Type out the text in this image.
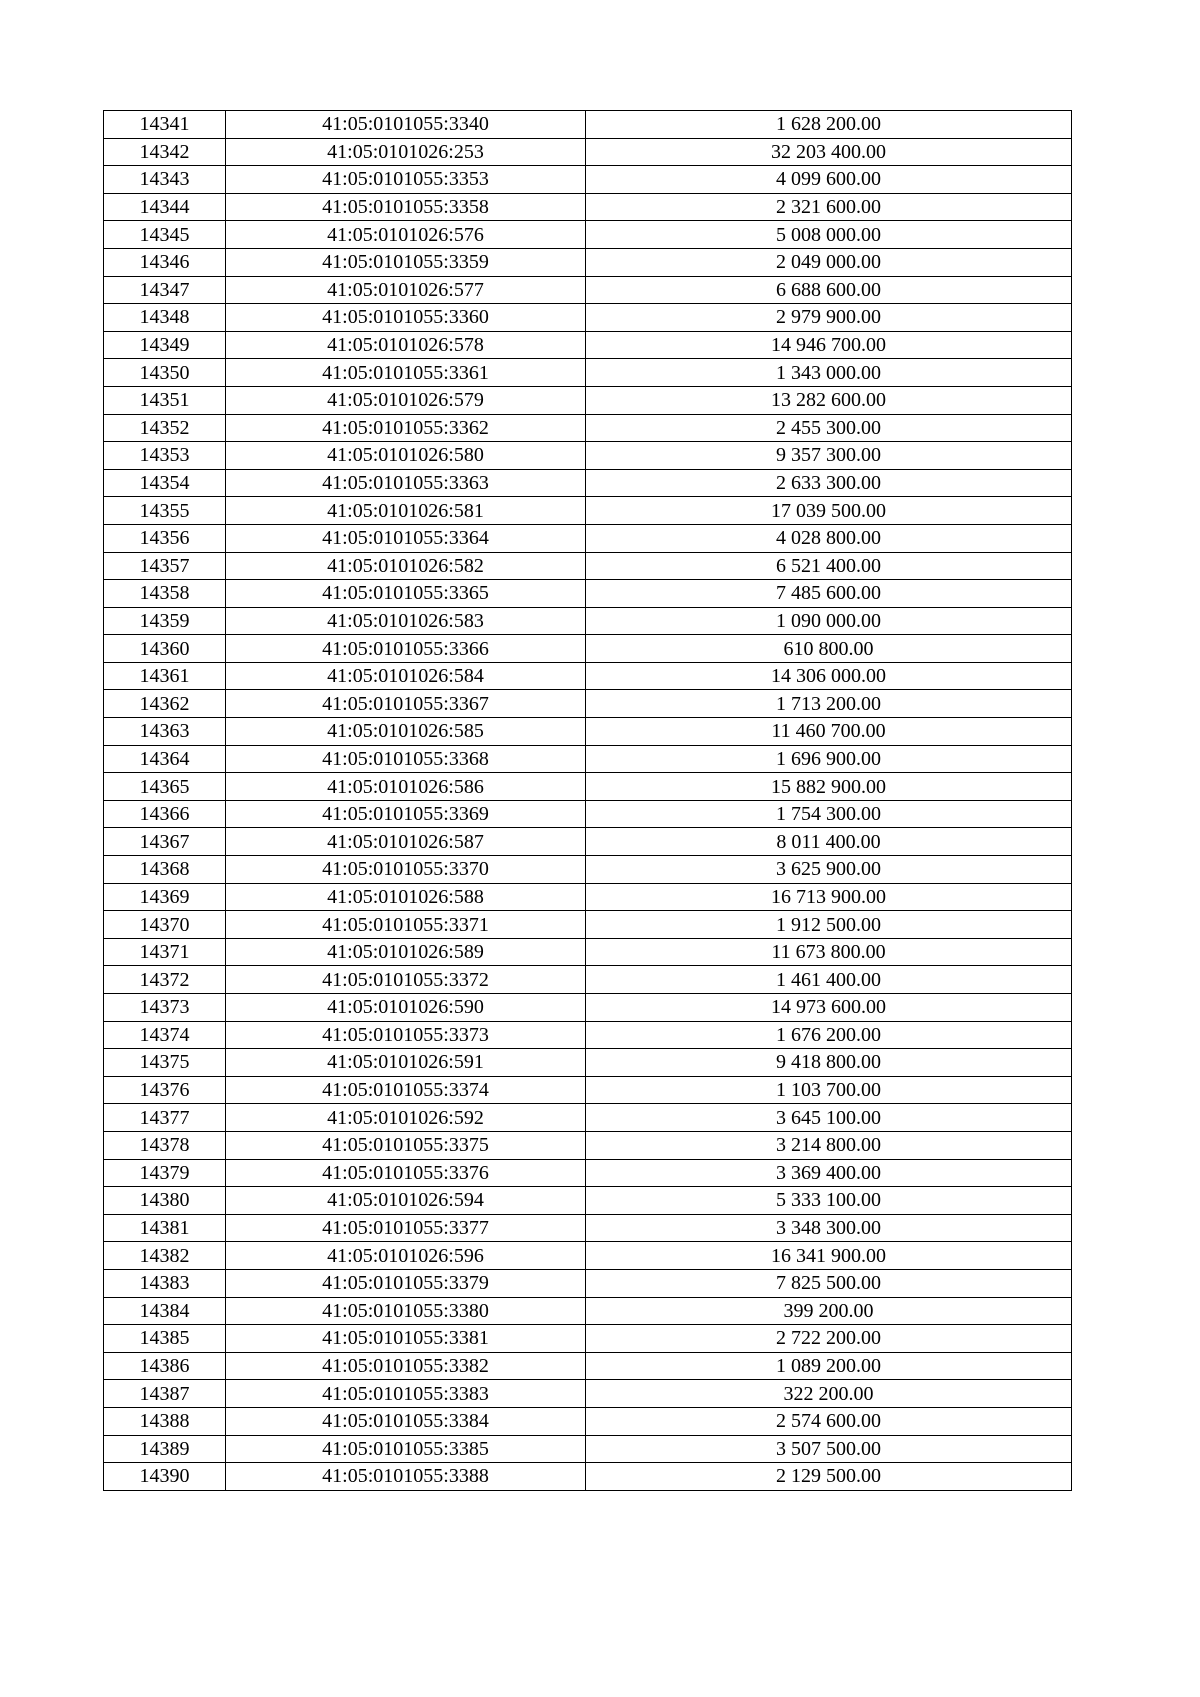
14341	41:05:0101055:3340	1 628 200.00
14342	41:05:0101026:253	32 203 400.00
14343	41:05:0101055:3353	4 099 600.00
14344	41:05:0101055:3358	2 321 600.00
14345	41:05:0101026:576	5 008 000.00
14346	41:05:0101055:3359	2 049 000.00
14347	41:05:0101026:577	6 688 600.00
14348	41:05:0101055:3360	2 979 900.00
14349	41:05:0101026:578	14 946 700.00
14350	41:05:0101055:3361	1 343 000.00
14351	41:05:0101026:579	13 282 600.00
14352	41:05:0101055:3362	2 455 300.00
14353	41:05:0101026:580	9 357 300.00
14354	41:05:0101055:3363	2 633 300.00
14355	41:05:0101026:581	17 039 500.00
14356	41:05:0101055:3364	4 028 800.00
14357	41:05:0101026:582	6 521 400.00
14358	41:05:0101055:3365	7 485 600.00
14359	41:05:0101026:583	1 090 000.00
14360	41:05:0101055:3366	610 800.00
14361	41:05:0101026:584	14 306 000.00
14362	41:05:0101055:3367	1 713 200.00
14363	41:05:0101026:585	11 460 700.00
14364	41:05:0101055:3368	1 696 900.00
14365	41:05:0101026:586	15 882 900.00
14366	41:05:0101055:3369	1 754 300.00
14367	41:05:0101026:587	8 011 400.00
14368	41:05:0101055:3370	3 625 900.00
14369	41:05:0101026:588	16 713 900.00
14370	41:05:0101055:3371	1 912 500.00
14371	41:05:0101026:589	11 673 800.00
14372	41:05:0101055:3372	1 461 400.00
14373	41:05:0101026:590	14 973 600.00
14374	41:05:0101055:3373	1 676 200.00
14375	41:05:0101026:591	9 418 800.00
14376	41:05:0101055:3374	1 103 700.00
14377	41:05:0101026:592	3 645 100.00
14378	41:05:0101055:3375	3 214 800.00
14379	41:05:0101055:3376	3 369 400.00
14380	41:05:0101026:594	5 333 100.00
14381	41:05:0101055:3377	3 348 300.00
14382	41:05:0101026:596	16 341 900.00
14383	41:05:0101055:3379	7 825 500.00
14384	41:05:0101055:3380	399 200.00
14385	41:05:0101055:3381	2 722 200.00
14386	41:05:0101055:3382	1 089 200.00
14387	41:05:0101055:3383	322 200.00
14388	41:05:0101055:3384	2 574 600.00
14389	41:05:0101055:3385	3 507 500.00
14390	41:05:0101055:3388	2 129 500.00
